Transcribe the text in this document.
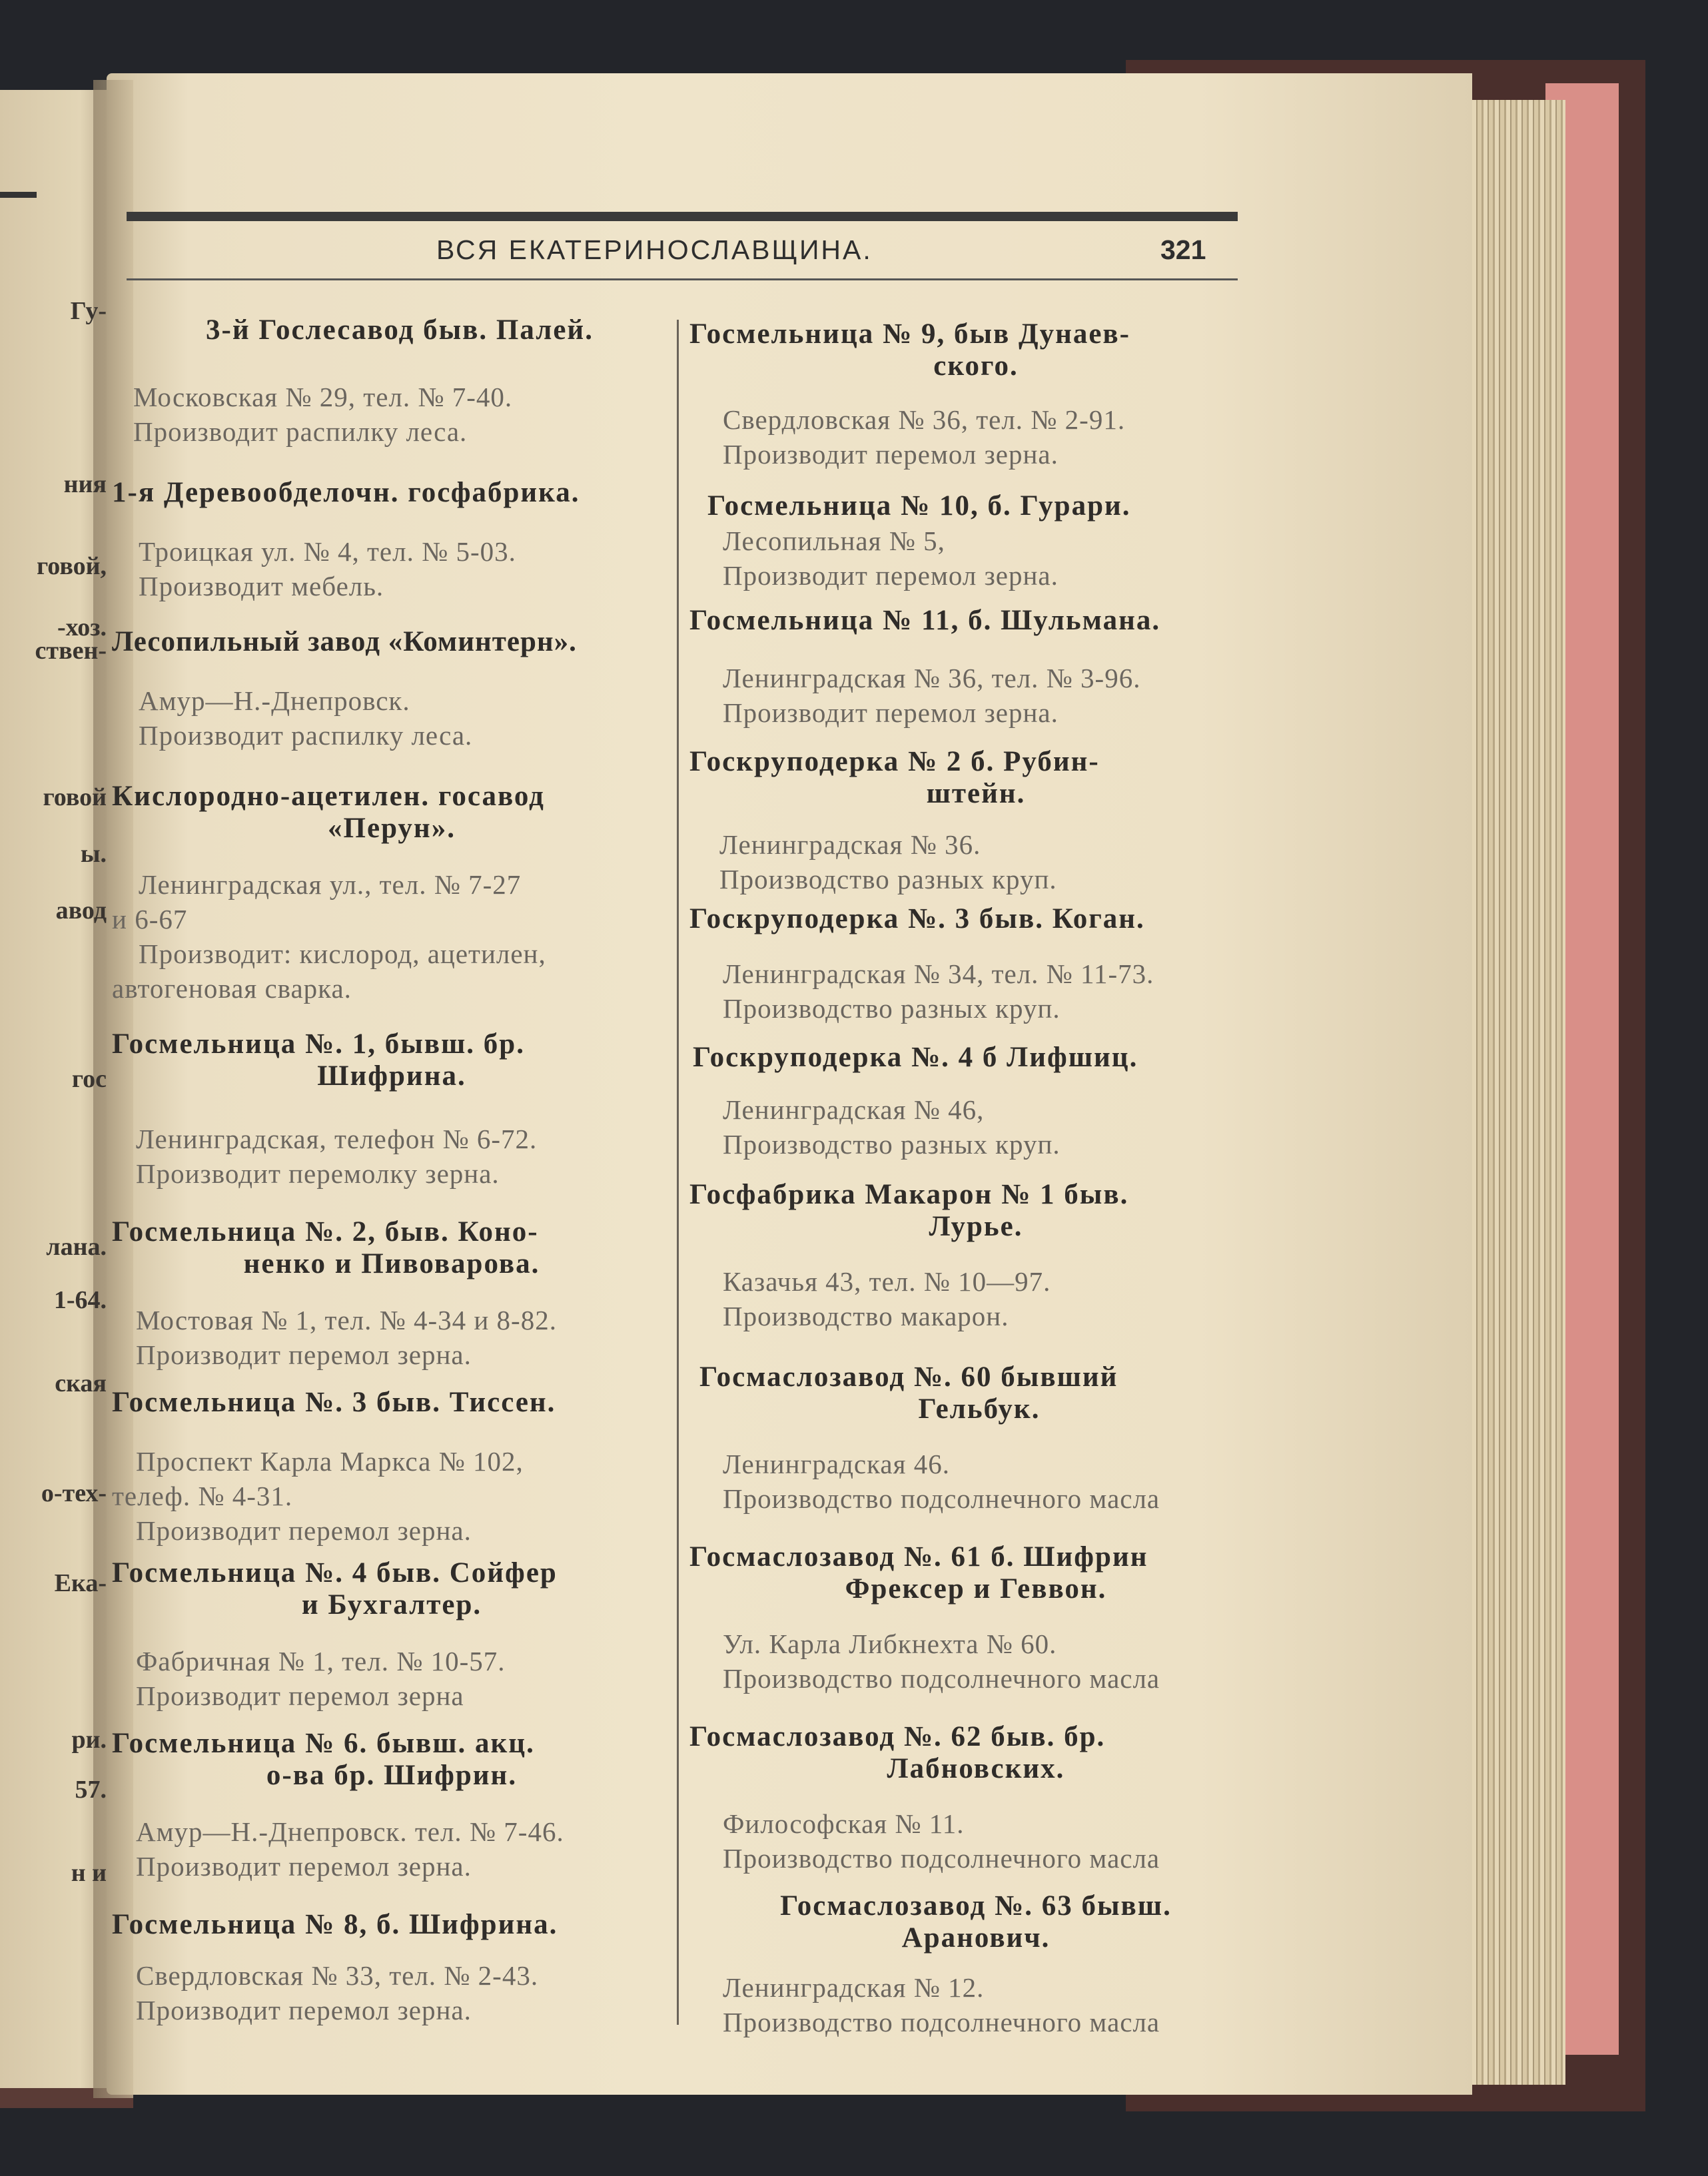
Гу-
ния
говой,
-хоз.
ствен-
говой
ы.
авод
гос
лана.
1-64.
ская
о-тех-
Ека-
ри.
57.
н и
ВСЯ ЕКАТЕРИНОСЛАВЩИНА.	321
3-й Гослесавод быв. Палей.
Московская № 29, тел. № 7-40.
Производит распилку леса.
1-я Деревообделочн. госфабрика.
Троицкая ул. № 4, тел. № 5-03.
Производит мебель.
Лесопильный завод «Коминтерн».
Амур—Н.-Днепровск.
Производит распилку леса.
Кислородно-ацетилен. госавод
«Перун».
Ленинградская ул., тел. № 7-27
и 6-67
Производит: кислород, ацетилен,
автогеновая сварка.
Госмельница №. 1, бывш. бр.
Шифрина.
Ленинградская, телефон № 6-72.
Производит перемолку зерна.
Госмельница №. 2, быв. Коно-
ненко и Пивоварова.
Мостовая № 1, тел. № 4-34 и 8-82.
Производит перемол зерна.
Госмельница №. 3 быв. Тиссен.
Проспект Карла Маркса № 102,
телеф. № 4-31.
Производит перемол зерна.
Госмельница №. 4 быв. Сойфер
и Бухгалтер.
Фабричная № 1, тел. № 10-57.
Производит перемол зерна
Госмельница № 6. бывш. акц.
о-ва бр. Шифрин.
Амур—Н.-Днепровск. тел. № 7-46.
Производит перемол зерна.
Госмельница № 8, б. Шифрина.
Свердловская № 33, тел. № 2-43.
Производит перемол зерна.
Госмельница № 9, быв Дунаев-
ского.
Свердловская № 36, тел. № 2-91.
Производит перемол зерна.
Госмельница № 10, б. Гурари.
Лесопильная № 5,
Производит перемол зерна.
Госмельница № 11, б. Шульмана.
Ленинградская № 36, тел. № 3-96.
Производит перемол зерна.
Госкруподерка № 2 б. Рубин-
штейн.
Ленинградская № 36.
Производство разных круп.
Госкруподерка №. 3 быв. Коган.
Ленинградская № 34, тел. № 11-73.
Производство разных круп.
Госкруподерка №. 4 б Лифшиц.
Ленинградская № 46,
Производство разных круп.
Госфабрика Макарон № 1 быв.
Лурье.
Казачья 43, тел. № 10—97.
Производство макарон.
Госмаслозавод №. 60 бывший
Гельбук.
Ленинградская 46.
Производство подсолнечного масла
Госмаслозавод №. 61 б. Шифрин
Фрексер и Геввон.
Ул. Карла Либкнехта № 60.
Производство подсолнечного масла
Госмаслозавод №. 62 быв. бр.
Лабновских.
Философская № 11.
Производство подсолнечного масла
Госмаслозавод №. 63 бывш.
Аранович.
Ленинградская № 12.
Производство подсолнечного масла
